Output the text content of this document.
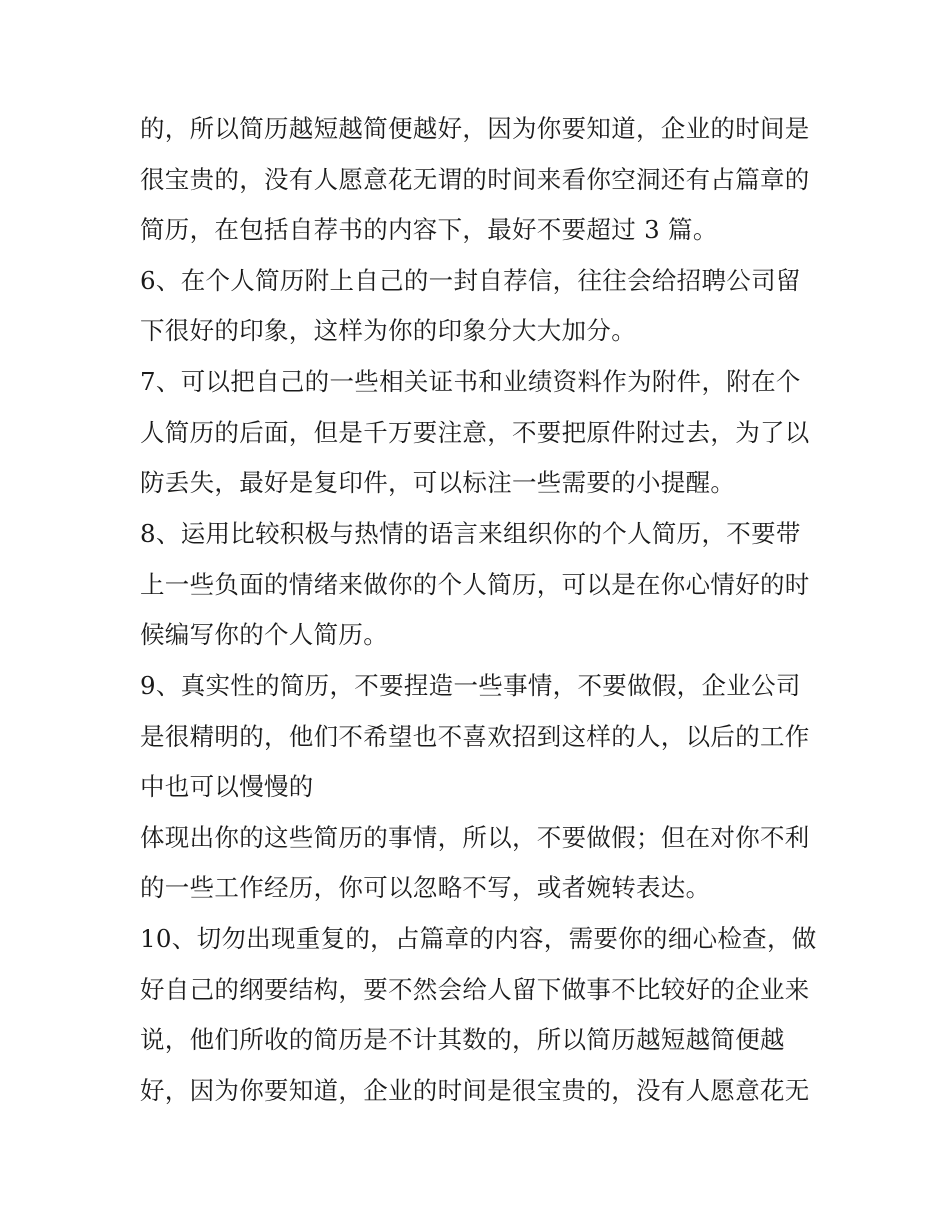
的，所以简历越短越简便越好，因为你要知道，企业的时间是
很宝贵的，没有人愿意花无谓的时间来看你空洞还有占篇章的
简历，在包括自荐书的内容下，最好不要超过 3 篇。
6、在个人简历附上自己的一封自荐信，往往会给招聘公司留
下很好的印象，这样为你的印象分大大加分。
7、可以把自己的一些相关证书和业绩资料作为附件，附在个
人简历的后面，但是千万要注意，不要把原件附过去，为了以
防丢失，最好是复印件，可以标注一些需要的小提醒。
8、运用比较积极与热情的语言来组织你的个人简历，不要带
上一些负面的情绪来做你的个人简历，可以是在你心情好的时
候编写你的个人简历。
9、真实性的简历，不要捏造一些事情，不要做假，企业公司
是很精明的，他们不希望也不喜欢招到这样的人，以后的工作
中也可以慢慢的
体现出你的这些简历的事情，所以，不要做假；但在对你不利
的一些工作经历，你可以忽略不写，或者婉转表达。
10、切勿出现重复的，占篇章的内容，需要你的细心检查，做
好自己的纲要结构，要不然会给人留下做事不比较好的企业来
说，他们所收的简历是不计其数的，所以简历越短越简便越
好，因为你要知道，企业的时间是很宝贵的，没有人愿意花无
